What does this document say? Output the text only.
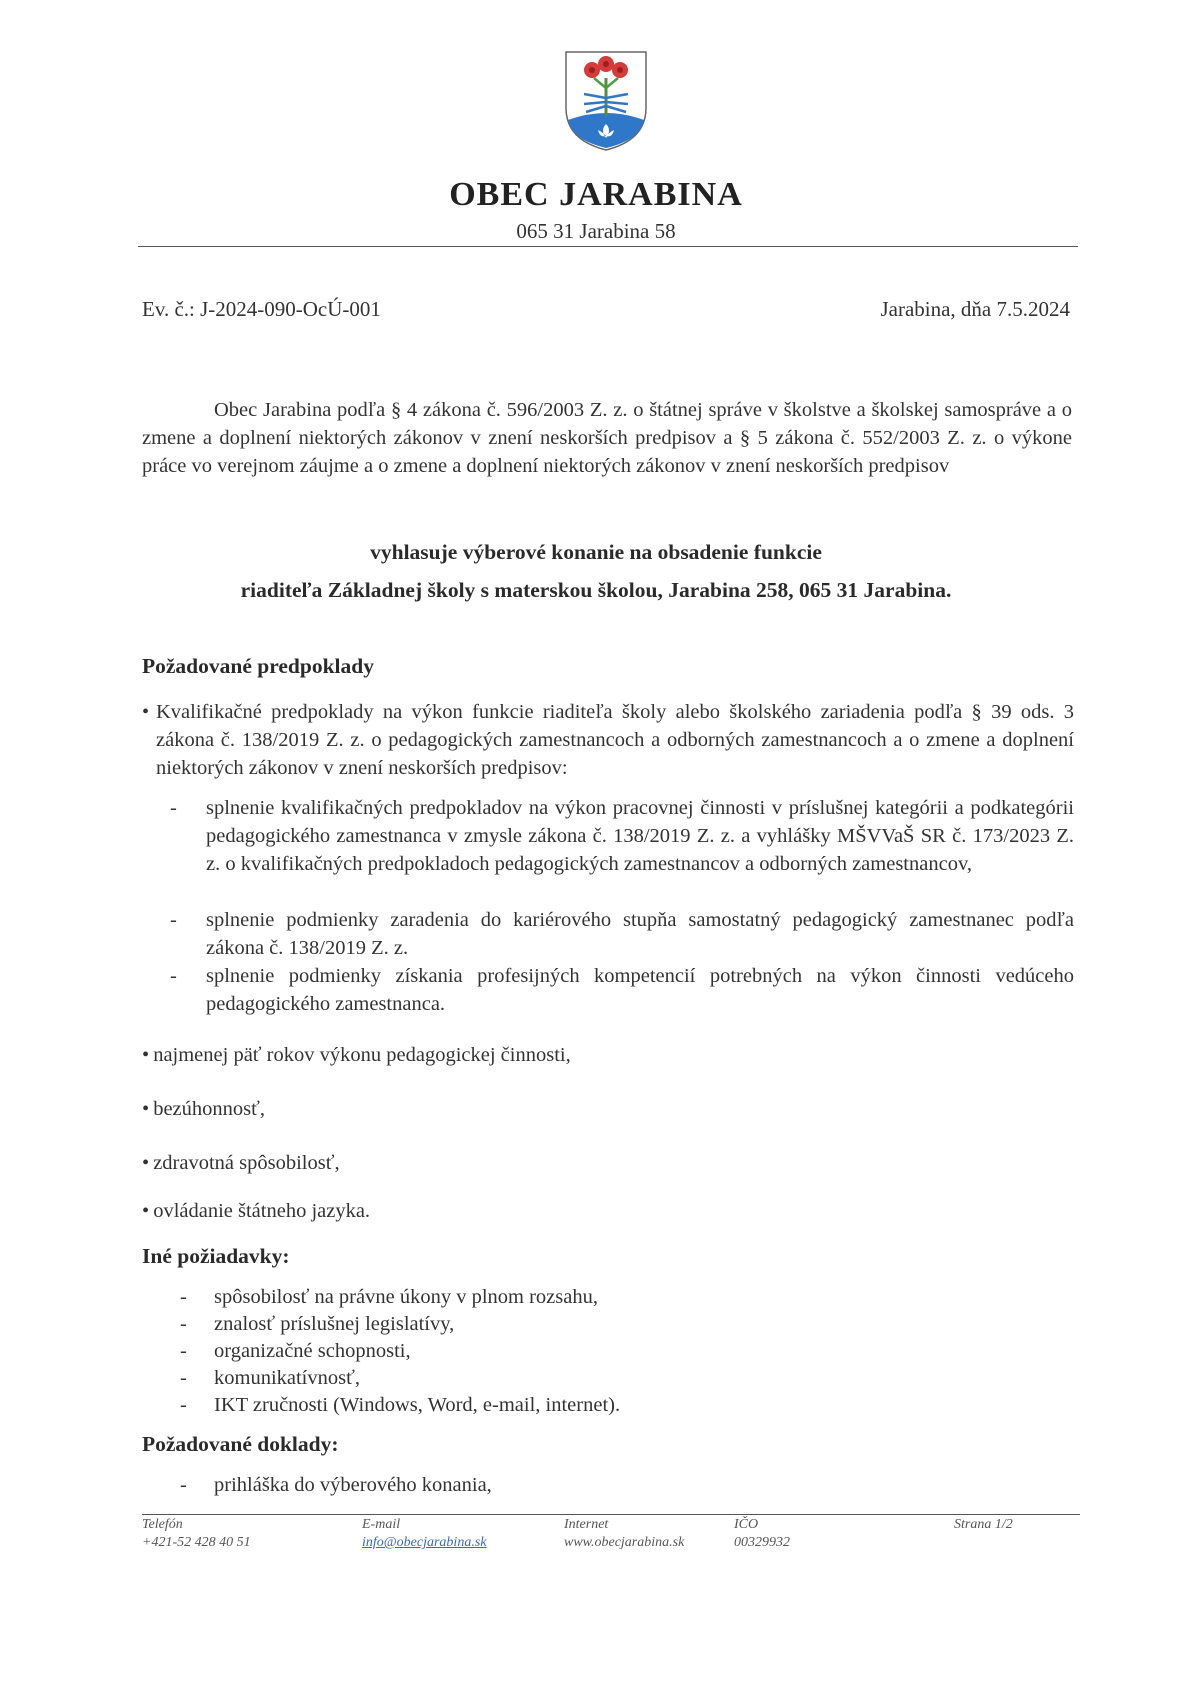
OBEC JARABINA
065 31 Jarabina 58
Ev. č.: J-2024-090-OcÚ-001	Jarabina, dňa 7.5.2024
Obec Jarabina podľa § 4 zákona č. 596/2003 Z. z. o štátnej správe v školstve a školskej samospráve a o zmene a doplnení niektorých zákonov v znení neskorších predpisov a § 5 zákona č. 552/2003 Z. z. o výkone práce vo verejnom záujme a o zmene a doplnení niektorých zákonov v znení neskorších predpisov
vyhlasuje výberové konanie na obsadenie funkcie
riaditeľa Základnej školy s materskou školou, Jarabina 258, 065 31 Jarabina.
Požadované predpoklady
• Kvalifikačné predpoklady na výkon funkcie riaditeľa školy alebo školského zariadenia podľa § 39 ods. 3 zákona č. 138/2019 Z. z. o pedagogických zamestnancoch a odborných zamestnancoch a o zmene a doplnení niektorých zákonov v znení neskorších predpisov:
-	splnenie kvalifikačných predpokladov na výkon pracovnej činnosti v príslušnej kategórii a podkategórii pedagogického zamestnanca v zmysle zákona č. 138/2019 Z. z. a vyhlášky MŠVVaŠ SR č. 173/2023 Z. z. o kvalifikačných predpokladoch pedagogických zamestnancov a odborných zamestnancov,
-	splnenie podmienky zaradenia do kariérového stupňa samostatný pedagogický zamestnanec podľa zákona č. 138/2019 Z. z.
-	splnenie podmienky získania profesijných kompetencií potrebných na výkon činnosti vedúceho pedagogického zamestnanca.
• najmenej päť rokov výkonu pedagogickej činnosti,
• bezúhonnosť,
• zdravotná spôsobilosť,
• ovládanie štátneho jazyka.
Iné požiadavky:
- spôsobilosť na právne úkony v plnom rozsahu,
- znalosť príslušnej legislatívy,
- organizačné schopnosti,
- komunikatívnosť,
- IKT zručnosti (Windows, Word, e-mail, internet).
Požadované doklady:
- prihláška do výberového konania,
Telefón
+421-52 428 40 51
E-mail
info@obecjarabina.sk
Internet
www.obecjarabina.sk
IČO
00329932
Strana 1/2
